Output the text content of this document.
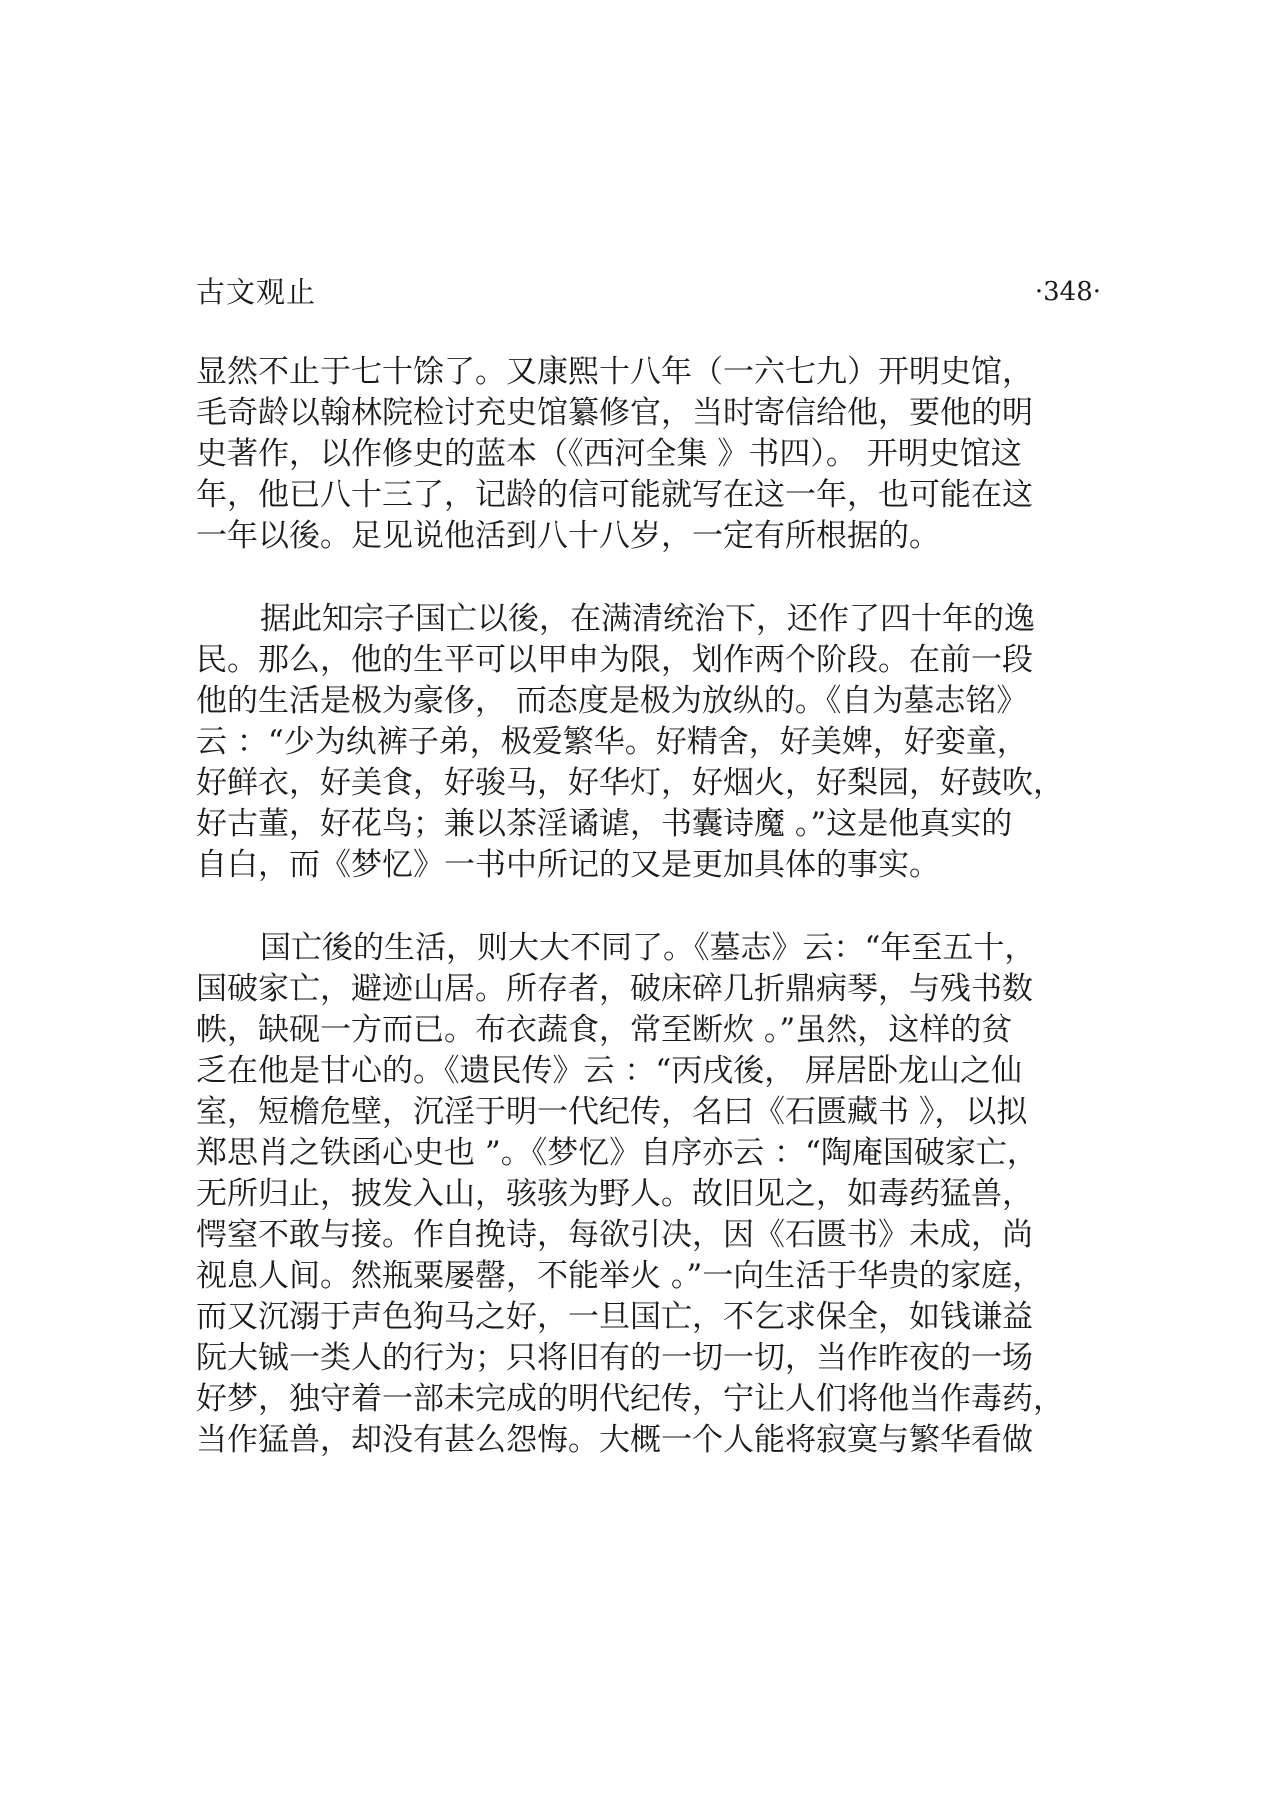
古文观止	·348·

显然不止于七十馀了。又康熙十八年（一六七九）开明史馆，
毛奇龄以翰林院检讨充史馆纂修官，当时寄信给他，要他的明
史著作，以作修史的蓝本（《西河全集 》书四）。 开明史馆这
年，他已八十三了，记龄的信可能就写在这一年，也可能在这
一年以後。足见说他活到八十八岁，一定有所根据的。

据此知宗子国亡以後，在满清统治下，还作了四十年的逸
民。那么，他的生平可以甲申为限，划作两个阶段。在前一段
他的生活是极为豪侈， 而态度是极为放纵的。《自为墓志铭》
云 ：“少为纨裤子弟，极爱繁华。好精舍，好美婢，好娈童，
好鲜衣，好美食，好骏马，好华灯，好烟火，好梨园，好鼓吹，
好古董，好花鸟；兼以茶淫谲谑，书囊诗魔 。”这是他真实的
自白，而《梦忆》一书中所记的又是更加具体的事实。

国亡後的生活，则大大不同了。《墓志》云：“年至五十，
国破家亡，避迹山居。所存者，破床碎几折鼎病琴，与残书数
帙，缺砚一方而已。布衣蔬食，常至断炊 。”虽然，这样的贫
乏在他是甘心的。《遗民传》云 ：“丙戌後， 屏居卧龙山之仙
室，短檐危壁，沉淫于明一代纪传，名曰《石匮藏书 》，以拟
郑思肖之铁函心史也 ”。《梦忆》自序亦云 ：“陶庵国破家亡，
无所归止，披发入山，骇骇为野人。故旧见之，如毒药猛兽，
愕窒不敢与接。作自挽诗，每欲引决，因《石匮书》未成，尚
视息人间。然瓶粟屡罄，不能举火 。”一向生活于华贵的家庭，
而又沉溺于声色狗马之好，一旦国亡，不乞求保全，如钱谦益
阮大铖一类人的行为；只将旧有的一切一切，当作昨夜的一场
好梦，独守着一部未完成的明代纪传，宁让人们将他当作毒药，
当作猛兽，却没有甚么怨悔。大概一个人能将寂寞与繁华看做
